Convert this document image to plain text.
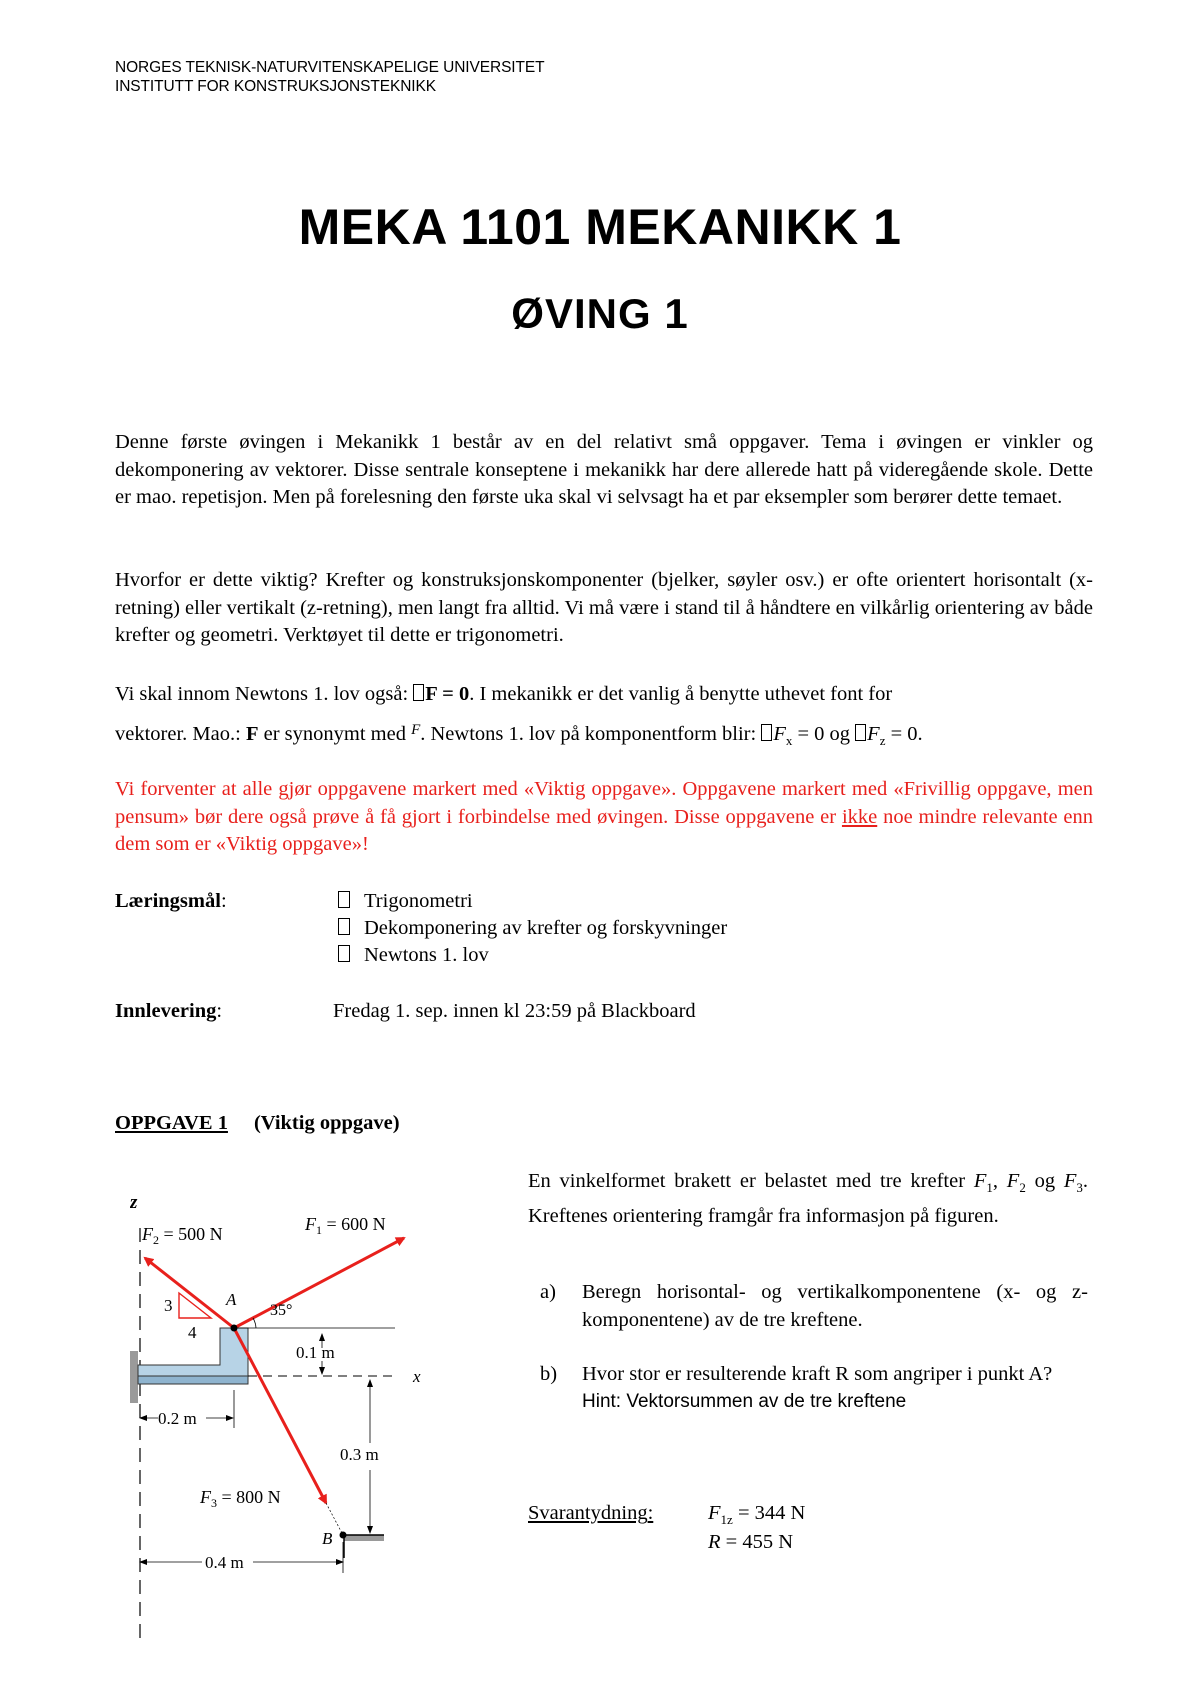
NORGES TEKNISK-NATURVITENSKAPELIGE UNIVERSITET
INSTITUTT FOR KONSTRUKSJONSTEKNIKK
MEKA 1101 MEKANIKK 1
ØVING 1
Denne første øvingen i Mekanikk 1 består av en del relativt små oppgaver. Tema i øvingen er vinkler og dekomponering av vektorer. Disse sentrale konseptene i mekanikk har dere allerede hatt på videregående skole. Dette er mao. repetisjon. Men på forelesning den første uka skal vi selvsagt ha et par eksempler som berører dette temaet.
Hvorfor er dette viktig? Krefter og konstruksjonskomponenter (bjelker, søyler osv.) er ofte orientert horisontalt (x-retning) eller vertikalt (z-retning), men langt fra alltid. Vi må være i stand til å håndtere en vilkårlig orientering av både krefter og geometri. Verktøyet til dette er trigonometri.
Vi skal innom Newtons 1. lov også: F = 0. I mekanikk er det vanlig å benytte uthevet font for
vektorer. Mao.: F er synonymt med $^F$. Newtons 1. lov på komponentform blir: $F_x = 0$ og $F_z = 0$.
Vi forventer at alle gjør oppgavene markert med «Viktig oppgave». Oppgavene markert med «Frivillig oppgave, men pensum» bør dere også prøve å få gjort i forbindelse med øvingen. Disse oppgavene er ikke noe mindre relevante enn dem som er «Viktig oppgave»!
Læringsmål:	Trigonometri
Dekomponering av krefter og forskyvninger
Newtons 1. lov
Innlevering:	Fredag 1. sep. innen kl 23:59 på Blackboard
OPPGAVE 1 (Viktig oppgave)
En vinkelformet brakett er belastet med tre krefter $F_1$, $F_2$ og $F_3$. Kreftenes orientering framgår fra informasjon på figuren.
a) Beregn horisontal- og vertikalkomponentene (x- og z-komponentene) av de tre kreftene.
b) Hvor stor er resulterende kraft R som angriper i punkt A?
Hint: Vektorsummen av de tre kreftene
Svarantydning:	$F_{1z} = 344$ N
R = 455 N
z
x
0.1 m
0.3 m
0.2 m
0.4 m
B
35°
3
4
A
$F_2 = 500$ N	$F_1 = 600$ N
$F_3 = 800$ N
